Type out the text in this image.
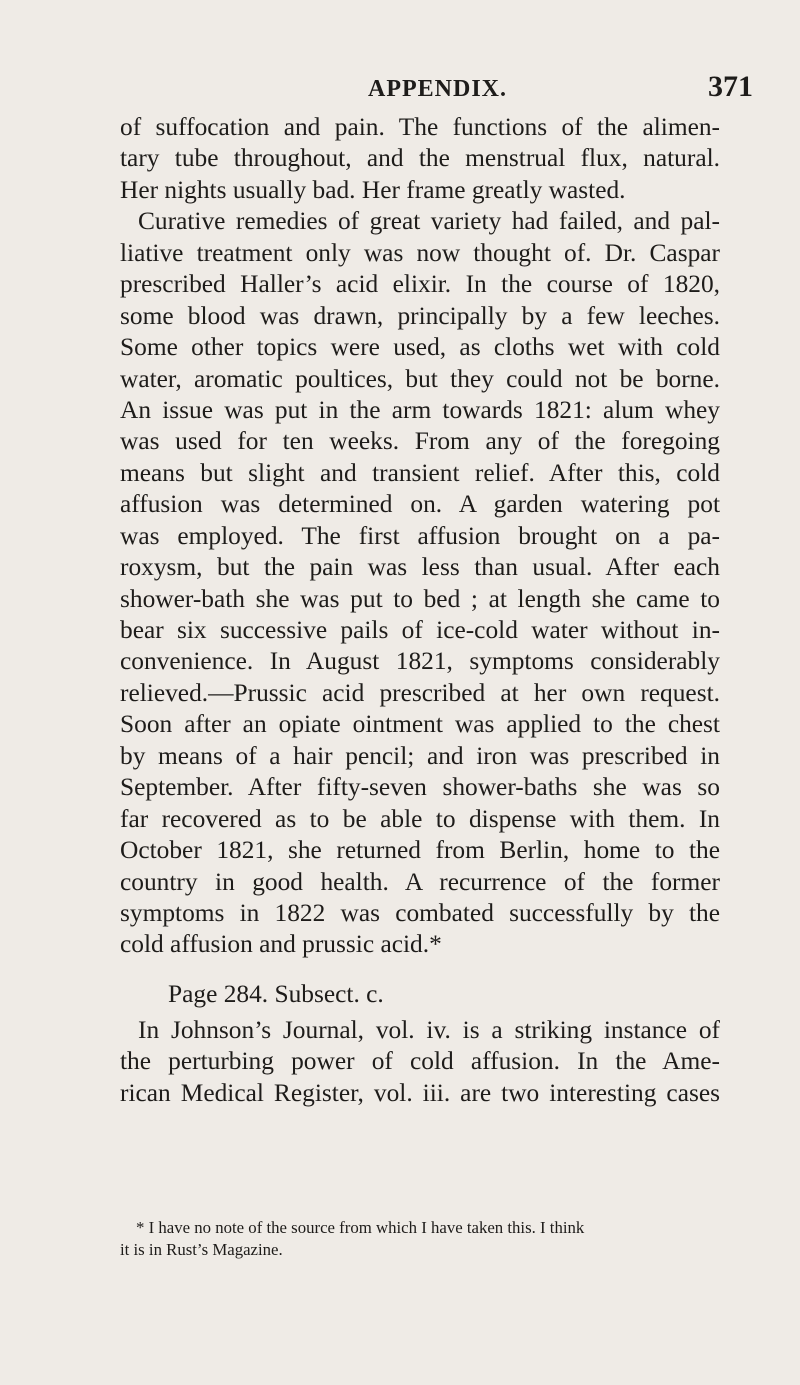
APPENDIX.	371
of suffocation and pain. The functions of the alimen-
tary tube throughout, and the menstrual flux, natural.
Her nights usually bad. Her frame greatly wasted.
Curative remedies of great variety had failed, and pal-
liative treatment only was now thought of. Dr. Caspar
prescribed Haller’s acid elixir. In the course of 1820,
some blood was drawn, principally by a few leeches.
Some other topics were used, as cloths wet with cold
water, aromatic poultices, but they could not be borne.
An issue was put in the arm towards 1821: alum whey
was used for ten weeks. From any of the foregoing
means but slight and transient relief. After this, cold
affusion was determined on. A garden watering pot
was employed. The first affusion brought on a pa-
roxysm, but the pain was less than usual. After each
shower-bath she was put to bed ; at length she came to
bear six successive pails of ice-cold water without in-
convenience. In August 1821, symptoms considerably
relieved.—Prussic acid prescribed at her own request.
Soon after an opiate ointment was applied to the chest
by means of a hair pencil; and iron was prescribed in
September. After fifty-seven shower-baths she was so
far recovered as to be able to dispense with them. In
October 1821, she returned from Berlin, home to the
country in good health. A recurrence of the former
symptoms in 1822 was combated successfully by the
cold affusion and prussic acid.*
Page 284. Subsect. c.
In Johnson’s Journal, vol. iv. is a striking instance of
the perturbing power of cold affusion. In the Ame-
rican Medical Register, vol. iii. are two interesting cases
* I have no note of the source from which I have taken this. I think
it is in Rust’s Magazine.
